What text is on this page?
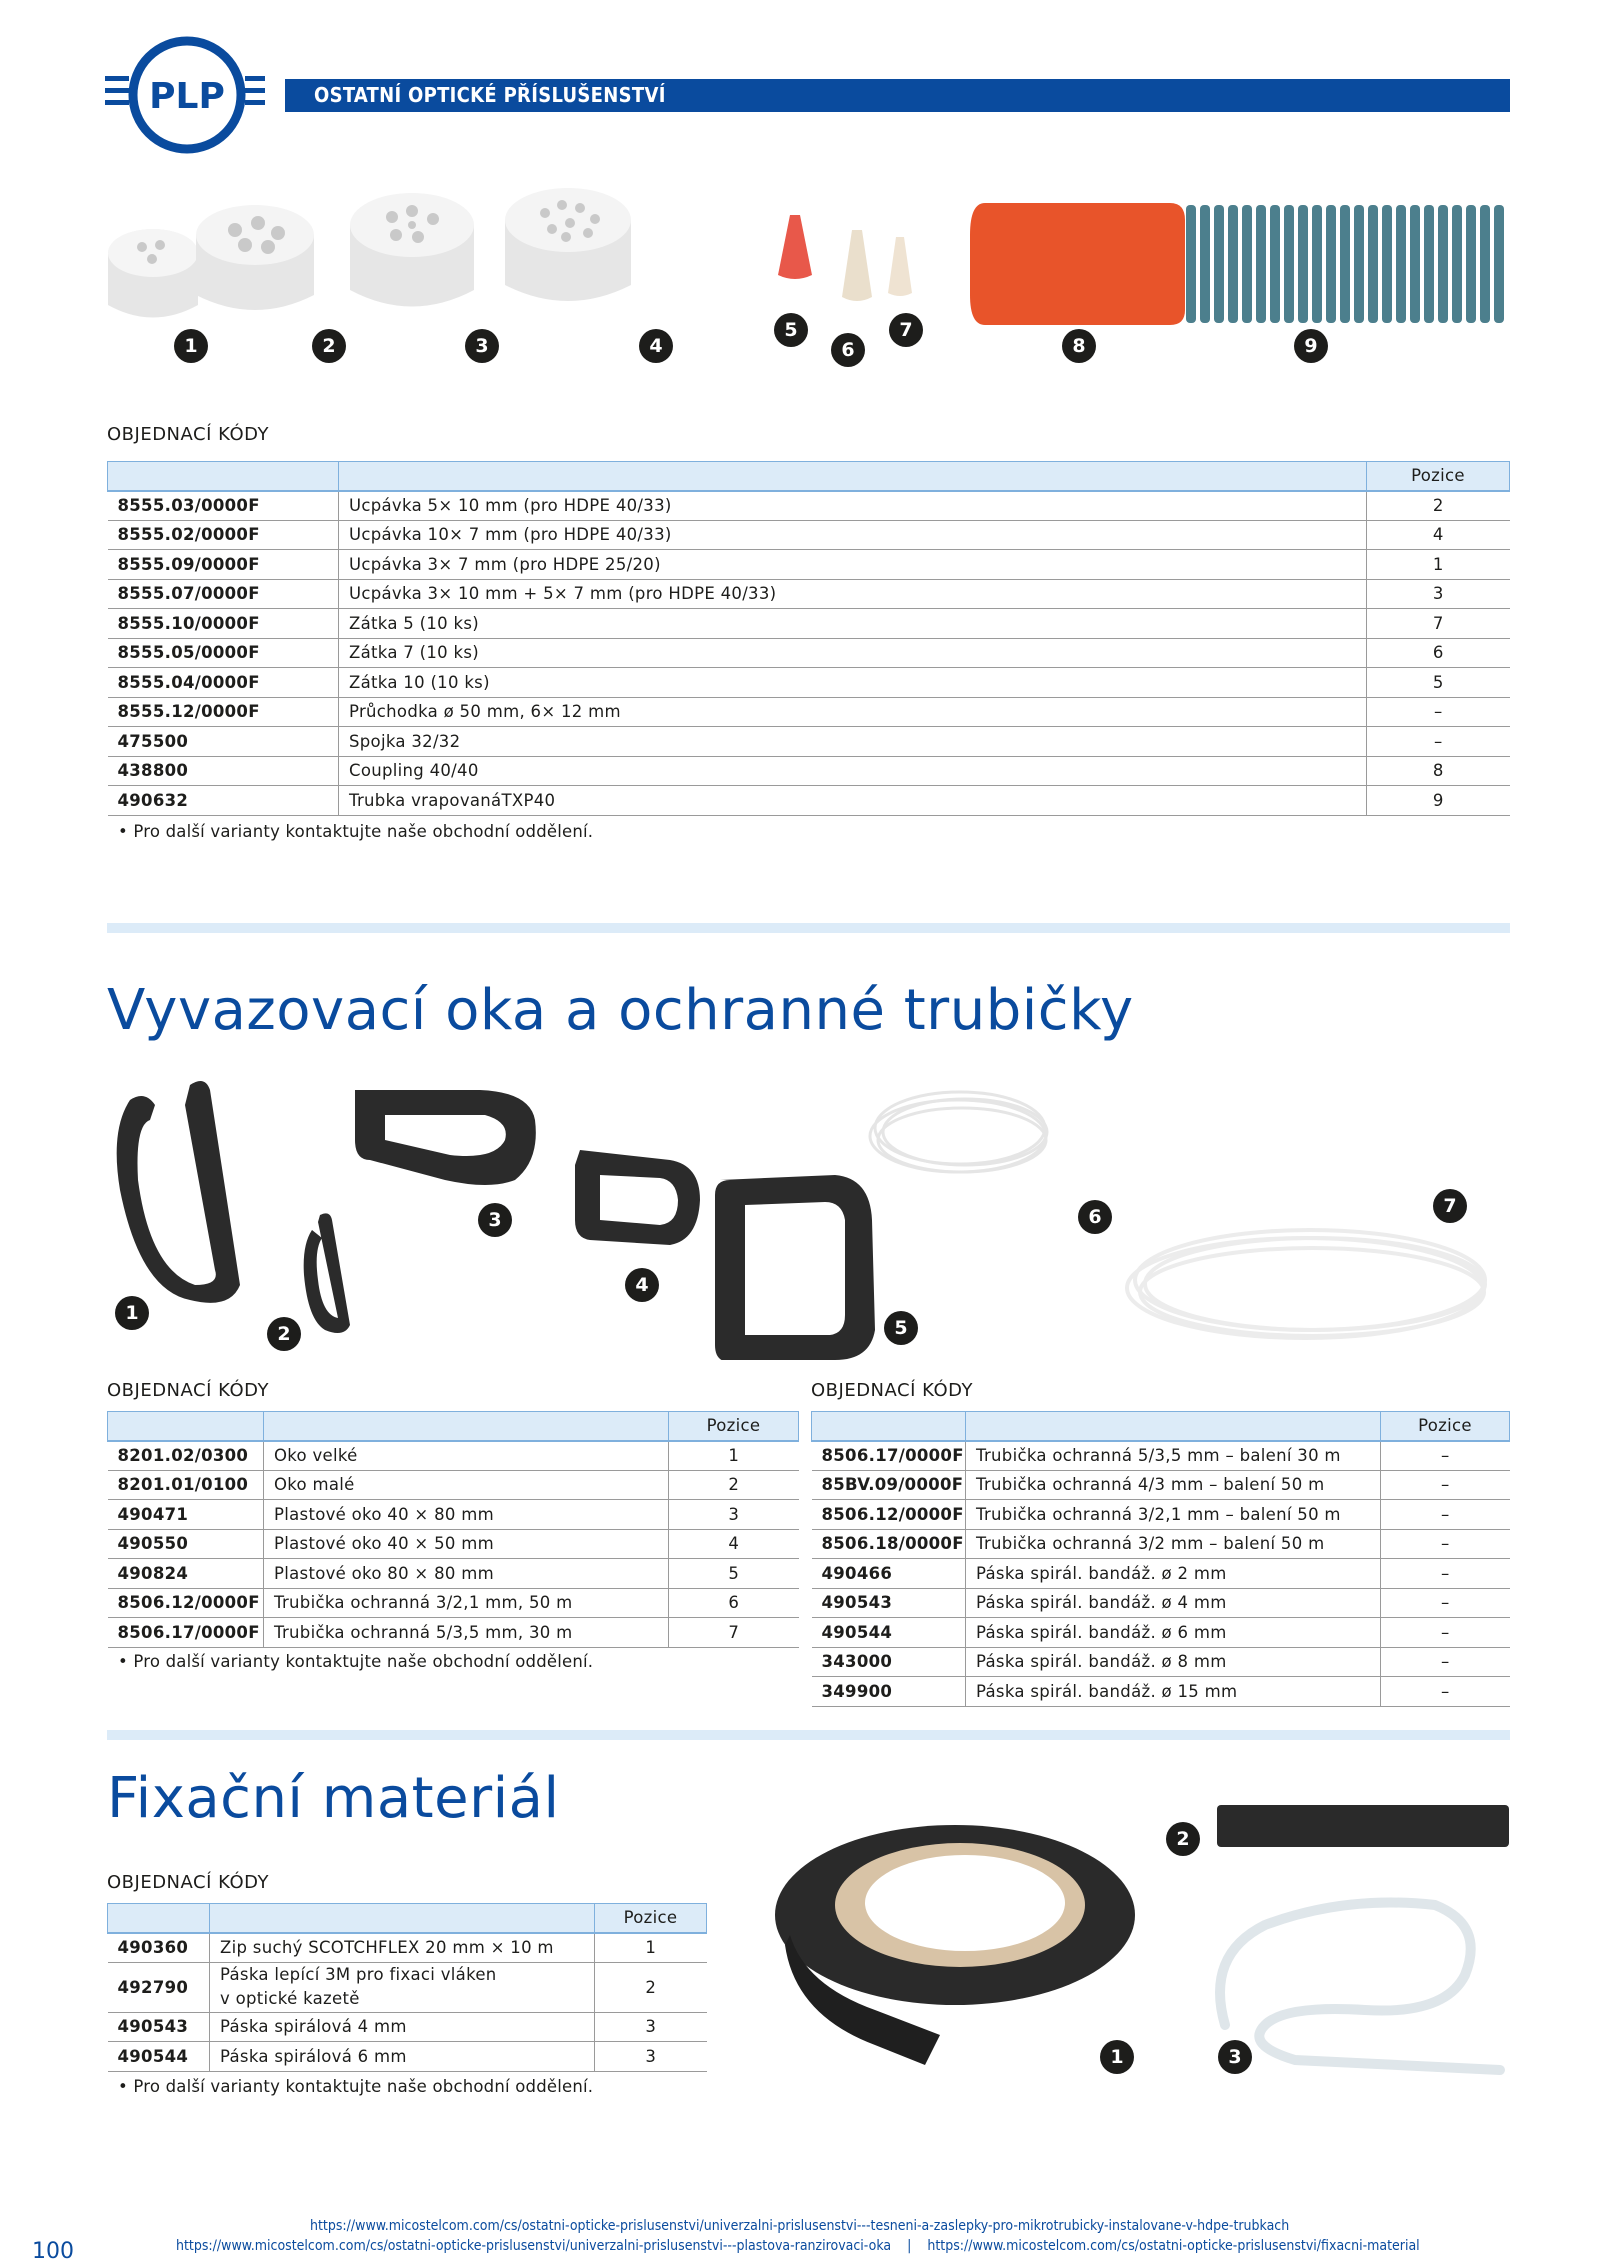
PLP	OSTATNÍ OPTICKÉ PŘÍSLUŠENSTVÍ
1	2	3	4
5
6
7
8	9
OBJEDNACÍ KÓDY
		Pozice
8555.03/0000F	Ucpávka 5× 10 mm (pro HDPE 40/33)	2
8555.02/0000F	Ucpávka 10× 7 mm (pro HDPE 40/33)	4
8555.09/0000F	Ucpávka 3× 7 mm (pro HDPE 25/20)	1
8555.07/0000F	Ucpávka 3× 10 mm + 5× 7 mm (pro HDPE 40/33)	3
8555.10/0000F	Zátka 5 (10 ks)	7
8555.05/0000F	Zátka 7 (10 ks)	6
8555.04/0000F	Zátka 10 (10 ks)	5
8555.12/0000F	Průchodka ø 50 mm, 6× 12 mm	–
475500	Spojka 32/32	–
438800	Coupling 40/40	8
490632	Trubka vrapovanáTXP40	9
• Pro další varianty kontaktujte naše obchodní oddělení.
Vyvazovací oka a ochranné trubičky
1
2
3
4
5
6	7
OBJEDNACÍ KÓDY
		Pozice
8201.02/0300	Oko velké	1
8201.01/0100	Oko malé	2
490471	Plastové oko 40 × 80 mm	3
490550	Plastové oko 40 × 50 mm	4
490824	Plastové oko 80 × 80 mm	5
8506.12/0000F	Trubička ochranná 3/2,1 mm, 50 m	6
8506.17/0000F	Trubička ochranná 5/3,5 mm, 30 m	7
• Pro další varianty kontaktujte naše obchodní oddělení.
OBJEDNACÍ KÓDY
		Pozice
8506.17/0000F	Trubička ochranná 5/3,5 mm – balení 30 m	–
85BV.09/0000F	Trubička ochranná 4/3 mm – balení 50 m	–
8506.12/0000F	Trubička ochranná 3/2,1 mm – balení 50 m	–
8506.18/0000F	Trubička ochranná 3/2 mm – balení 50 m	–
490466	Páska spirál. bandáž. ø 2 mm	–
490543	Páska spirál. bandáž. ø 4 mm	–
490544	Páska spirál. bandáž. ø 6 mm	–
343000	Páska spirál. bandáž. ø 8 mm	–
349900	Páska spirál. bandáž. ø 15 mm	–
Fixační materiál
OBJEDNACÍ KÓDY
		Pozice
490360	Zip suchý SCOTCHFLEX 20 mm × 10 m	1
492790	Páska lepící 3M pro fixaci vláken
v optické kazetě	2
490543	Páska spirálová 4 mm	3
490544	Páska spirálová 6 mm	3
• Pro další varianty kontaktujte naše obchodní oddělení.
1
2
3
100
https://www.micostelcom.com/cs/ostatni-opticke-prislusenstvi/univerzalni-prislusenstvi---tesneni-a-zaslepky-pro-mikrotrubicky-instalovane-v-hdpe-trubkach
https://www.micostelcom.com/cs/ostatni-opticke-prislusenstvi/univerzalni-prislusenstvi---plastova-ranzirovaci-oka | https://www.micostelcom.com/cs/ostatni-opticke-prislusenstvi/fixacni-material
